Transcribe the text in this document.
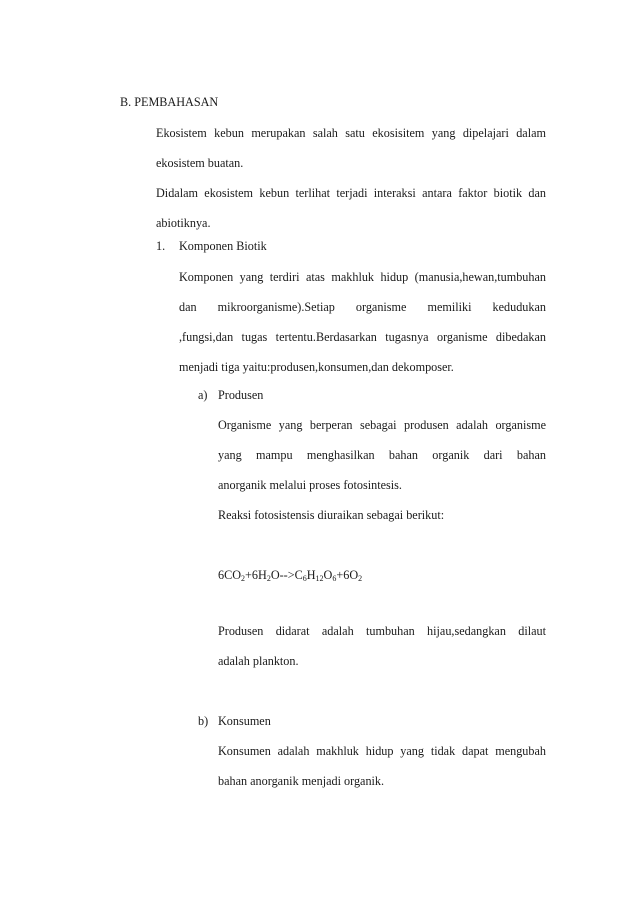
B. PEMBAHASAN
Ekosistem kebun merupakan salah satu ekosisitem yang dipelajari dalam
ekosistem buatan.
Didalam ekosistem kebun terlihat terjadi interaksi antara faktor biotik dan
abiotiknya.
1. Komponen Biotik
Komponen yang terdiri atas makhluk hidup (manusia,hewan,tumbuhan
dan mikroorganisme).Setiap organisme memiliki kedudukan
,fungsi,dan tugas tertentu.Berdasarkan tugasnya organisme dibedakan
menjadi tiga yaitu:produsen,konsumen,dan dekomposer.
a) Produsen
Organisme yang berperan sebagai produsen adalah organisme
yang mampu menghasilkan bahan organik dari bahan
anorganik melalui proses fotosintesis.
Reaksi fotosistensis diuraikan sebagai berikut:
$6CO_2+6H_2O-->C_6H_{12}O_6+6O_2$
Produsen didarat adalah tumbuhan hijau,sedangkan dilaut
adalah plankton.
b) Konsumen
Konsumen adalah makhluk hidup yang tidak dapat mengubah
bahan anorganik menjadi organik.
